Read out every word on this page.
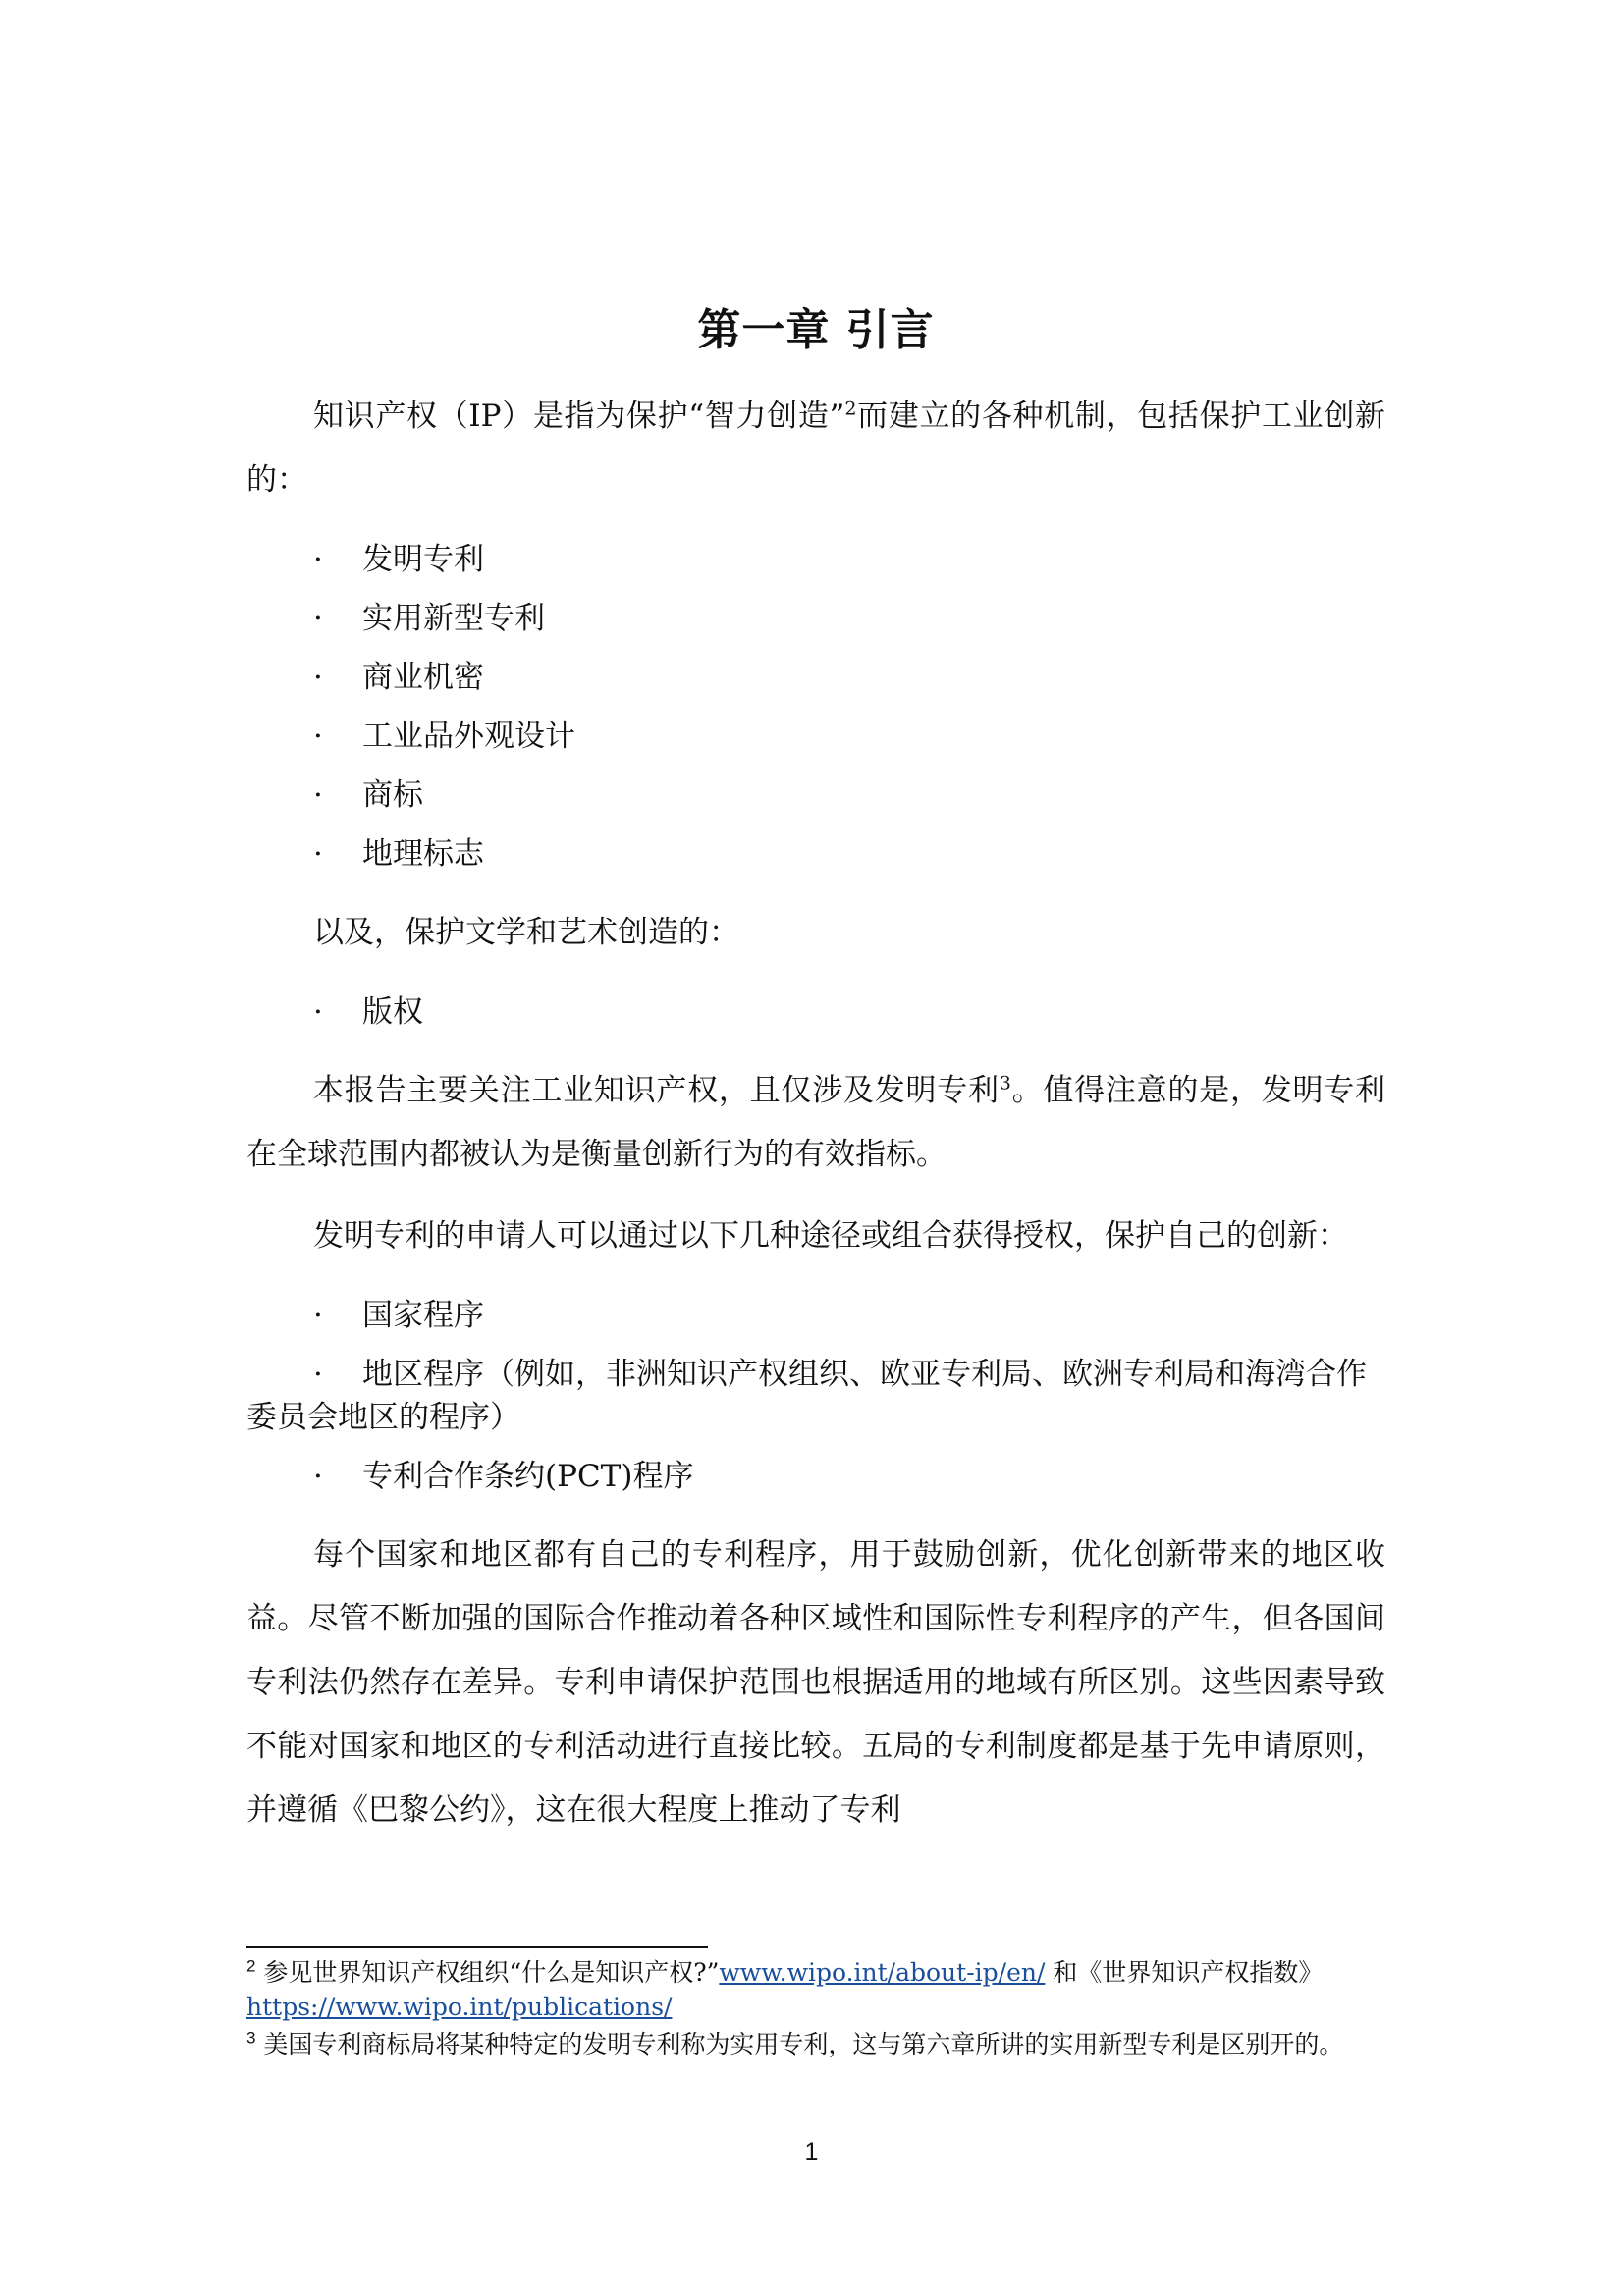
第一章 引言

知识产权（IP）是指为保护“智力创造”$^2$而建立的各种机制，包括保护工业创新的：

· 发明专利
· 实用新型专利
· 商业机密
· 工业品外观设计
· 商标
· 地理标志

以及，保护文学和艺术创造的：

· 版权

本报告主要关注工业知识产权，且仅涉及发明专利$^3$。值得注意的是，发明专利在全球范围内都被认为是衡量创新行为的有效指标。

发明专利的申请人可以通过以下几种途径或组合获得授权，保护自己的创新：

· 国家程序
· 地区程序（例如，非洲知识产权组织、欧亚专利局、欧洲专利局和海湾合作委员会地区的程序）
· 专利合作条约(PCT)程序

每个国家和地区都有自己的专利程序，用于鼓励创新，优化创新带来的地区收益。尽管不断加强的国际合作推动着各种区域性和国际性专利程序的产生，但各国间专利法仍然存在差异。专利申请保护范围也根据适用的地域有所区别。这些因素导致不能对国家和地区的专利活动进行直接比较。五局的专利制度都是基于先申请原则，并遵循《巴黎公约》，这在很大程度上推动了专利

$^2$ 参见世界知识产权组织“什么是知识产权?”www.wipo.int/about-ip/en/ 和《世界知识产权指数》https://www.wipo.int/publications/

$^3$ 美国专利商标局将某种特定的发明专利称为实用专利，这与第六章所讲的实用新型专利是区别开的。

1
